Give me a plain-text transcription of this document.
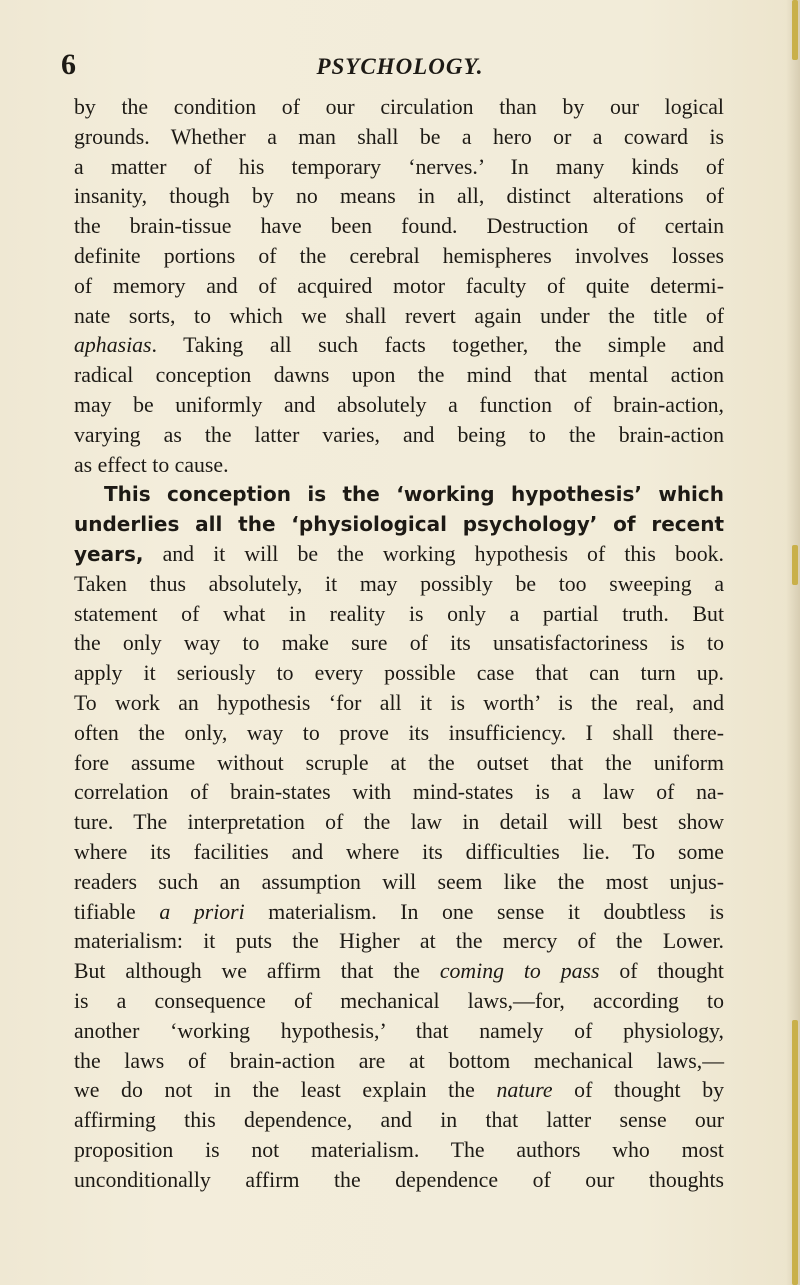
6	PSYCHOLOGY.
by the condition of our circulation than by our logical
grounds. Whether a man shall be a hero or a coward is
a matter of his temporary ‘nerves.’ In many kinds of
insanity, though by no means in all, distinct alterations of
the brain-tissue have been found. Destruction of certain
definite portions of the cerebral hemispheres involves losses
of memory and of acquired motor faculty of quite determi-
nate sorts, to which we shall revert again under the title of
aphasias. Taking all such facts together, the simple and
radical conception dawns upon the mind that mental action
may be uniformly and absolutely a function of brain-action,
varying as the latter varies, and being to the brain-action
as effect to cause.
This conception is the ‘working hypothesis’ which
underlies all the ‘physiological psychology’ of recent
years, and it will be the working hypothesis of this book.
Taken thus absolutely, it may possibly be too sweeping a
statement of what in reality is only a partial truth. But
the only way to make sure of its unsatisfactoriness is to
apply it seriously to every possible case that can turn up.
To work an hypothesis ‘for all it is worth’ is the real, and
often the only, way to prove its insufficiency. I shall there-
fore assume without scruple at the outset that the uniform
correlation of brain-states with mind-states is a law of na-
ture. The interpretation of the law in detail will best show
where its facilities and where its difficulties lie. To some
readers such an assumption will seem like the most unjus-
tifiable a priori materialism. In one sense it doubtless is
materialism: it puts the Higher at the mercy of the Lower.
But although we affirm that the coming to pass of thought
is a consequence of mechanical laws,—for, according to
another ‘working hypothesis,’ that namely of physiology,
the laws of brain-action are at bottom mechanical laws,—
we do not in the least explain the nature of thought by
affirming this dependence, and in that latter sense our
proposition is not materialism. The authors who most
unconditionally affirm the dependence of our thoughts
